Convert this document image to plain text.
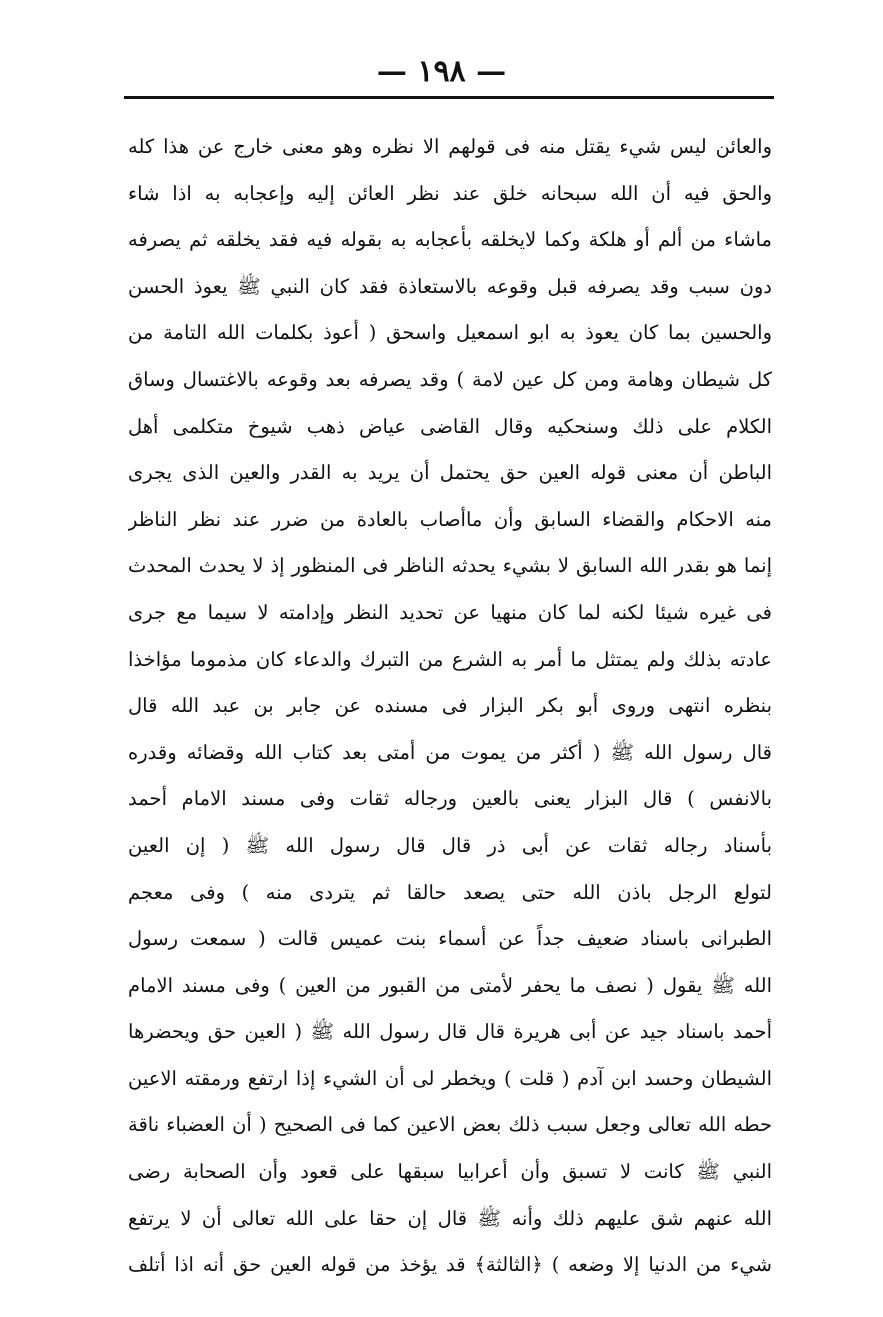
— ١٩٨ —
والعائن ليس شيء يقتل منه فى قولهم الا نظره وهو معنى خارج عن هذا كله
والحق فيه أن الله سبحانه خلق عند نظر العائن إليه وإعجابه به اذا شاء
ماشاء من ألم أو هلكة وكما لايخلقه بأعجابه به بقوله فيه فقد يخلقه ثم يصرفه
دون سبب وقد يصرفه قبل وقوعه بالاستعاذة فقد كان النبي ﷺ يعوذ الحسن
والحسين بما كان يعوذ به ابو اسمعيل واسحق ( أعوذ بكلمات الله التامة من
كل شيطان وهامة ومن كل عين لامة ) وقد يصرفه بعد وقوعه بالاغتسال وساق
الكلام على ذلك وسنحكيه وقال القاضى عياض ذهب شيوخ متكلمى أهل
الباطن أن معنى قوله العين حق يحتمل أن يريد به القدر والعين الذى يجرى
منه الاحكام والقضاء السابق وأن ماأصاب بالعادة من ضرر عند نظر الناظر
إنما هو بقدر الله السابق لا بشيء يحدثه الناظر فى المنظور إذ لا يحدث المحدث
فى غيره شيئا لكنه لما كان منهيا عن تحديد النظر وإدامته لا سيما مع جرى
عادته بذلك ولم يمتثل ما أمر به الشرع من التبرك والدعاء كان مذموما مؤاخذا
بنظره انتهى وروى أبو بكر البزار فى مسنده عن جابر بن عبد الله قال
قال رسول الله ﷺ ( أكثر من يموت من أمتى بعد كتاب الله وقضائه وقدره
بالانفس ) قال البزار يعنى بالعين ورجاله ثقات وفى مسند الامام أحمد
بأسناد رجاله ثقات عن أبى ذر قال قال رسول الله ﷺ ( إن العين
لتولع الرجل باذن الله حتى يصعد حالقا ثم يتردى منه ) وفى معجم
الطبرانى باسناد ضعيف جداً عن أسماء بنت عميس قالت ( سمعت رسول
الله ﷺ يقول ( نصف ما يحفر لأمتى من القبور من العين ) وفى مسند الامام
أحمد باسناد جيد عن أبى هريرة قال قال رسول الله ﷺ ( العين حق ويحضرها
الشيطان وحسد ابن آدم ( قلت ) ويخطر لى أن الشيء إذا ارتفع ورمقته الاعين
حطه الله تعالى وجعل سبب ذلك بعض الاعين كما فى الصحيح ( أن العضباء ناقة
النبي ﷺ كانت لا تسبق وأن أعرابيا سبقها على قعود وأن الصحابة رضى
الله عنهم شق عليهم ذلك وأنه ﷺ قال إن حقا على الله تعالى أن لا يرتفع
شيء من الدنيا إلا وضعه ) ﴿الثالثة﴾ قد يؤخذ من قوله العين حق أنه اذا أتلف
